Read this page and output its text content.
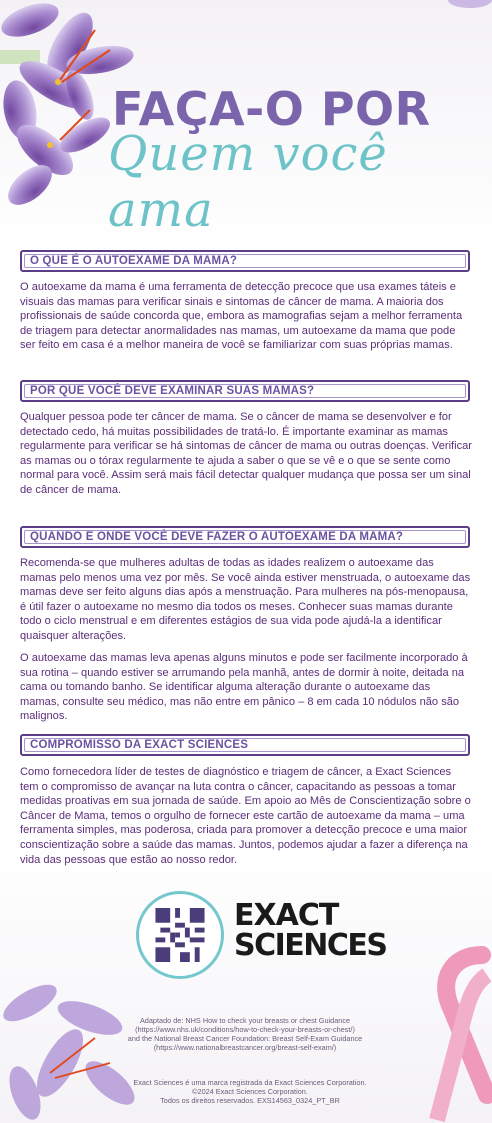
FAÇA-O POR
Quem você ama
O QUE É O AUTOEXAME DA MAMA?

O autoexame da mama é uma ferramenta de detecção precoce que usa exames táteis e visuais das mamas para verificar sinais e sintomas de câncer de mama. A maioria dos profissionais de saúde concorda que, embora as mamografias sejam a melhor ferramenta de triagem para detectar anormalidades nas mamas, um autoexame da mama que pode ser feito em casa é a melhor maneira de você se familiarizar com suas próprias mamas.

POR QUE VOCÊ DEVE EXAMINAR SUAS MAMAS?

Qualquer pessoa pode ter câncer de mama. Se o câncer de mama se desenvolver e for detectado cedo, há muitas possibilidades de tratá-lo. É importante examinar as mamas regularmente para verificar se há sintomas de câncer de mama ou outras doenças. Verificar as mamas ou o tórax regularmente te ajuda a saber o que se vê e o que se sente como normal para você. Assim será mais fácil detectar qualquer mudança que possa ser um sinal de câncer de mama.

QUANDO E ONDE VOCÊ DEVE FAZER O AUTOEXAME DA MAMA?

Recomenda-se que mulheres adultas de todas as idades realizem o autoexame das mamas pelo menos uma vez por mês. Se você ainda estiver menstruada, o autoexame das mamas deve ser feito alguns dias após a menstruação. Para mulheres na pós-menopausa, é útil fazer o autoexame no mesmo dia todos os meses. Conhecer suas mamas durante todo o ciclo menstrual e em diferentes estágios de sua vida pode ajudá-la a identificar quaisquer alterações.

O autoexame das mamas leva apenas alguns minutos e pode ser facilmente incorporado à sua rotina – quando estiver se arrumando pela manhã, antes de dormir à noite, deitada na cama ou tomando banho. Se identificar alguma alteração durante o autoexame das mamas, consulte seu médico, mas não entre em pânico – 8 em cada 10 nódulos não são malignos.

COMPROMISSO DA EXACT SCIENCES

Como fornecedora líder de testes de diagnóstico e triagem de câncer, a Exact Sciences tem o compromisso de avançar na luta contra o câncer, capacitando as pessoas a tomar medidas proativas em sua jornada de saúde. Em apoio ao Mês de Conscientização sobre o Câncer de Mama, temos o orgulho de fornecer este cartão de autoexame da mama – uma ferramenta simples, mas poderosa, criada para promover a detecção precoce e uma maior conscientização sobre a saúde das mamas. Juntos, podemos ajudar a fazer a diferença na vida das pessoas que estão ao nosso redor.

EXACT
SCIENCES
Adaptado de: NHS How to check your breasts or chest Guidance
(https://www.nhs.uk/conditions/how-to-check-your-breasts-or-chest/)
and the National Breast Cancer Foundation: Breast Self-Exam Guidance
(https://www.nationalbreastcancer.org/breast-self-exam/)
Exact Sciences é uma marca registrada da Exact Sciences Corporation.
©2024 Exact Sciences Corporation.
Todos os direitos reservados. EXS14563_0324_PT_BR
